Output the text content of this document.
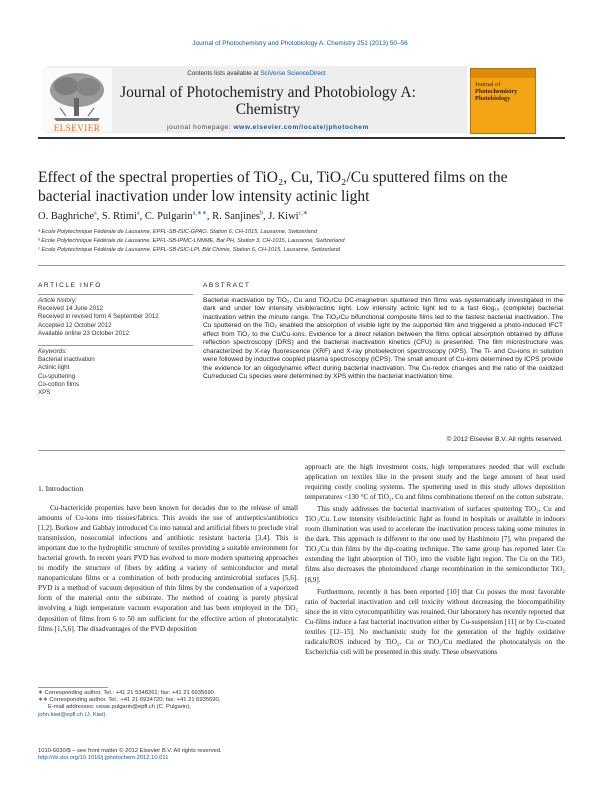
Journal of Photochemistry and Photobiology A: Chemistry 251 (2013) 50–56
Contents lists available at SciVerse ScienceDirect
ELSEVIER
Journal of Photochemistry and Photobiology A:
Chemistry
journal homepage: www.elsevier.com/locate/jphotochem
Journal of
Photochemistry
Photobiology
Effect of the spectral properties of TiO₂, Cu, TiO₂/Cu sputtered films on the
bacterial inactivation under low intensity actinic light
O. Baghriche$^a$, S. Rtimi$^a$, C. Pulgarin$^{a,∗∗}$, R. Sanjines$^b$, J. Kiwi$^{c,∗}$
ᵃ Ecole Polytechnique Fédérale de Lausanne, EPFL-SB-ISIC-GPAO, Station 6, CH-1015, Lausanne, Switzerland
ᵇ Ecole Polytechnique Fédérale de Lausanne, EPFL-SB-IPMC-LNNME, Bat PH, Station 3, CH-1015, Lausanne, Switzerland
ᶜ Ecole Polytechnique Fédérale de Lausanne, EPFL-SB-ISIC-LPI, Bât Chimie, Station 6, CH-1015, Lausanne, Switzerland
ARTICLE INFO
Article history:
Received 14 June 2012
Received in revised form 4 September 2012
Accepted 12 October 2012
Available online 23 October 2012
Keywords:
Bacterial inactivation
Actinic light
Cu-sputtering
Co-cotton films
XPS
ABSTRACT
Bacterial inactivation by TiO₂, Cu and TiO₂/Cu DC-magnetron sputtered thin films was systematically investigated in the dark and under low intensity visible/actinic light. Low intensity actinic light led to a fast 6log₁₀ (complete) bacterial inactivation within the minute range. The TiO₂/Cu bifunctional composite films led to the fastest bacterial inactivation. The Cu sputtered on the TiO₂ enabled the absorption of visible light by the supported film and triggered a photo-induced IFCT effect from TiO₂ to the Cu/Cu-ions. Evidence for a direct relation between the films optical absorption obtained by diffuse reflection spectroscopy (DRS) and the bacterial inactivation kinetics (CFU) is presented. The film microstructure was characterized by X-ray fluorescence (XRF) and X-ray photoelectron spectroscopy (XPS). The Ti- and Cu-ions in solution were followed by inductive coupled plasma spectroscopy (ICPS). The small amount of Cu-ions determined by ICPS provide the evidence for an oligodynamic effect during bacterial inactivation. The Cu-redox changes and the ratio of the oxidized Cu/reduced Cu species were determined by XPS within the bacterial inactivation time.
© 2012 Elsevier B.V. All rights reserved.
1. Introduction

Cu-bactericide properties have been known for decades due to the release of small amounts of Cu-ions into tissues/fabrics. This avoids the use of antiseptics/antibiotics [1,2]. Borkow and Gabbay introduced Cu into natural and artificial fibers to preclude viral transmission, nosocomial infections and antibiotic resistant bacteria [3,4]. This is important due to the hydrophilic structure of textiles providing a suitable environment for bacterial growth. In recent years PVD has evolved to more modern sputtering approaches to modify the structure of fibers by adding a variety of semiconductor and metal nanoparticulate films or a combination of both producing antimicrobial surfaces [5,6]. PVD is a method of vacuum deposition of thin films by the condensation of a vaporized form of the material onto the substrate. The method of coating is purely physical involving a high temperature vacuum evaporation and has been employed in the TiO₂ deposition of films from 6 to 50 nm sufficient for the effective action of photocatalytic films [1,5,6]. The disadvantages of the PVD deposition

approach are the high investment costs, high temperatures needed that will exclude application on textiles like in the present study and the large amount of heat used requiring costly cooling systems. The sputtering used in this study allows deposition temperatures <130 °C of TiO₂, Cu and films combinations thereof on the cotton substrate.

This study addresses the bacterial inactivation of surfaces sputtering TiO₂, Cu and TiO₂/Cu. Low intensity visible/actinic light as found in hospitals or available in indoors room illumination was used to accelerate the inactivation process taking some minutes in the dark. This approach is different to the one used by Hashimoto [7], who prepared the TiO₂/Cu thin films by the dip-coating technique. The same group has reported later Cu extending the light absorption of TiO₂ into the visible light region. The Cu on the TiO₂ films also decreases the photoinduced charge recombination in the semiconductor TiO₂ [8,9].

Furthermore, recently it has been reported [10] that Cu posses the most favorable ratio of bacterial inactivation and cell toxicity without decreasing the biocompatibility since the in vitro cytocompatibility was retained. Our laboratory has recently reported that Cu-films induce a fast bacterial inactivation either by Cu-suspension [11] or by Cu-coated textiles [12–15]. No mechanistic study for the generation of the highly oxidative radicals/ROS induced by TiO₂, Cu or TiO₂/Cu mediated the photocatalysis on the Escherichia coli will be presented in this study. These observations

∗ Corresponding author. Tel.: +41 21 5348261; fax: +41 21 6935690.
∗∗ Corresponding author. Tel.: +41 21 6934720; fax: +41 21 6935690.
E-mail addresses: cesar.pulgarin@epfl.ch (C. Pulgarin),
john.kiwi@epfl.ch (J. Kiwi).
1010-6030/$ – see front matter © 2012 Elsevier B.V. All rights reserved.
http://dx.doi.org/10.1016/j.jphotochem.2012.10.011
